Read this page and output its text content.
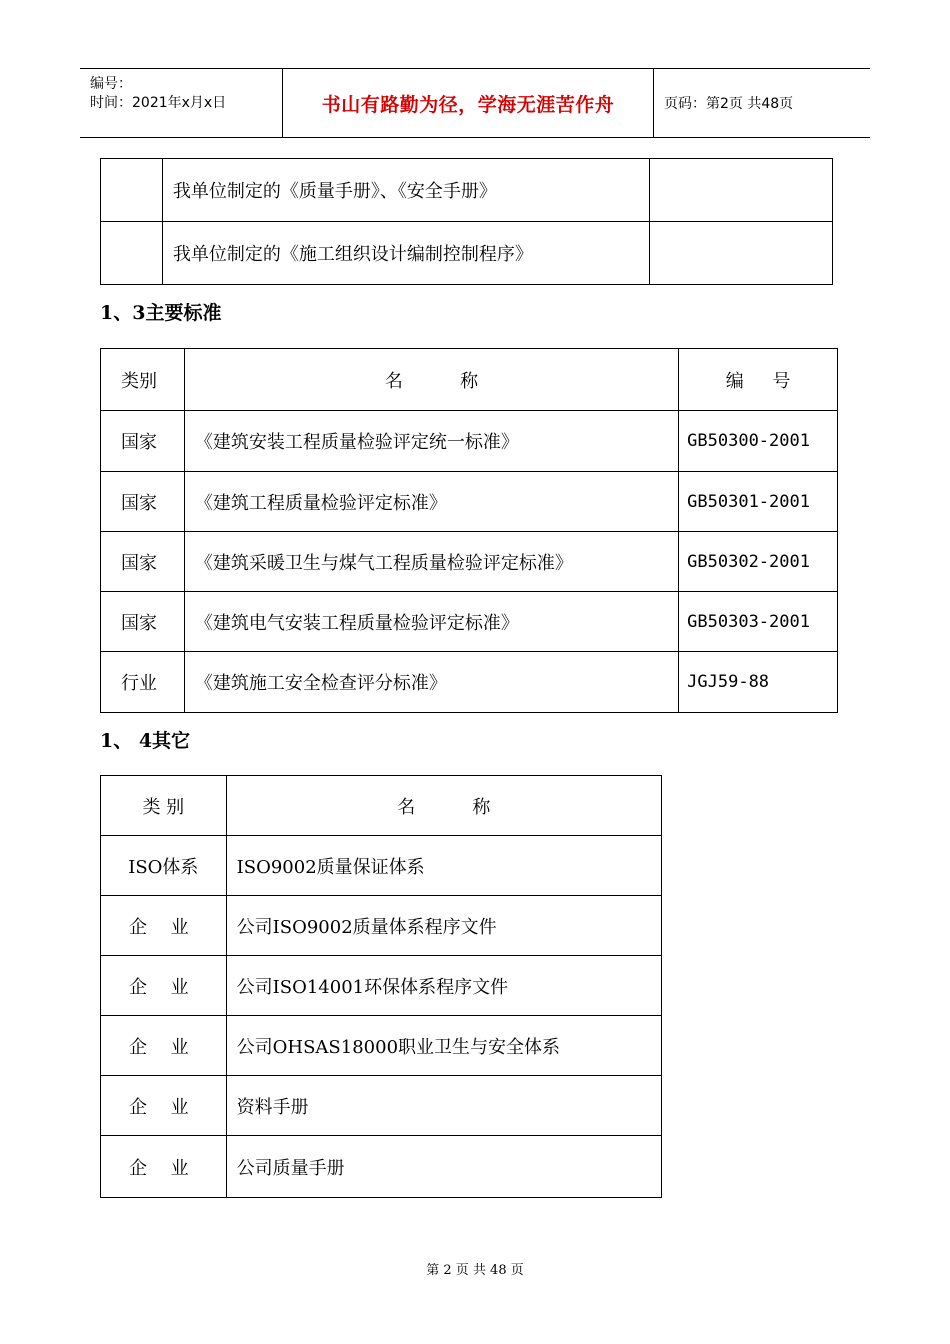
编号：
时间：2021年x月x日	书山有路勤为径，学海无涯苦作舟	页码：第2页 共48页
	我单位制定的《质量手册》、《安全手册》	
	我单位制定的《施工组织设计编制控制程序》	
1、3主要标准
类别	名          称	编     号
国家	《建筑安装工程质量检验评定统一标准》	GB50300-2001
国家	《建筑工程质量检验评定标准》	GB50301-2001
国家	《建筑采暖卫生与煤气工程质量检验评定标准》	GB50302-2001
国家	《建筑电气安装工程质量检验评定标准》	GB50303-2001
行业	《建筑施工安全检查评分标准》	JGJ59-88
1、 4其它
类 别	名          称
ISO体系	ISO9002质量保证体系
企 业	公司ISO9002质量体系程序文件
企 业	公司ISO14001环保体系程序文件
企 业	公司OHSAS18000职业卫生与安全体系
企 业	资料手册
企 业	公司质量手册
第 2 页 共 48 页
